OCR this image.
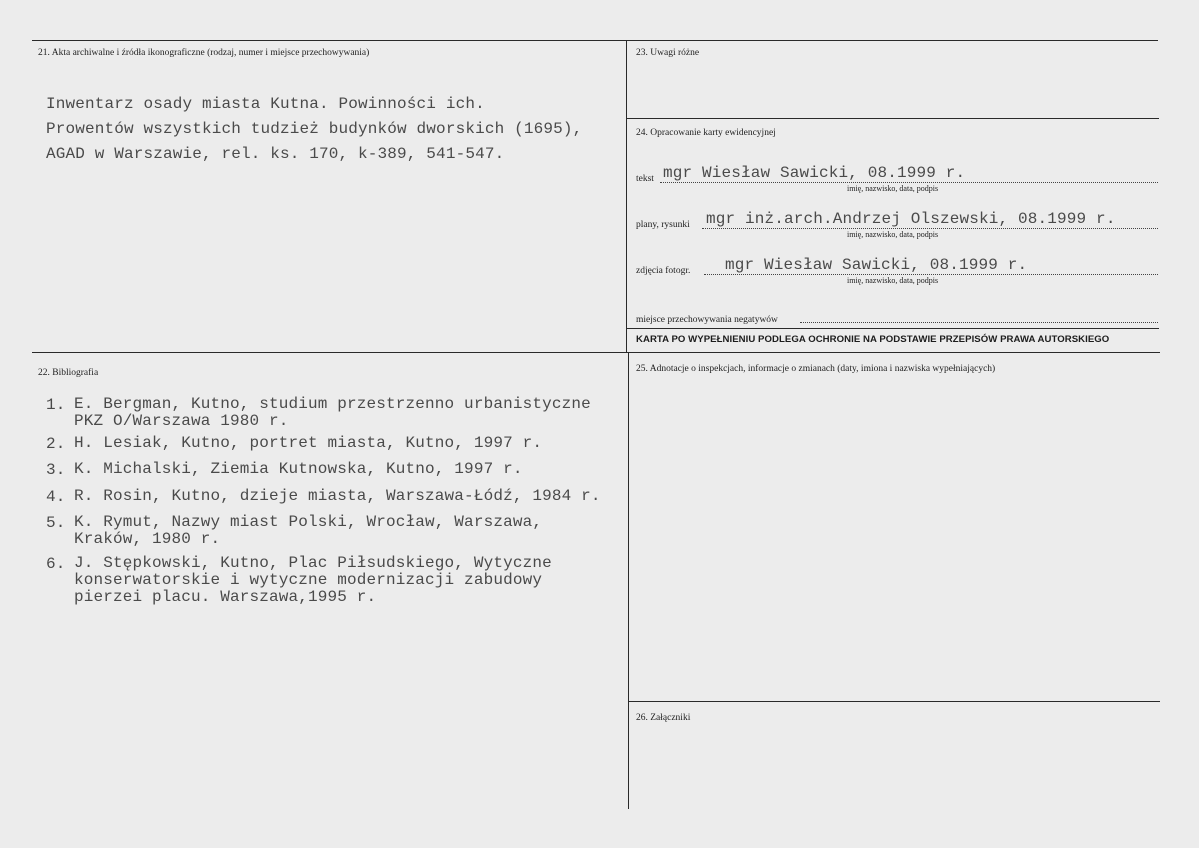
21. Akta archiwalne i źródła ikonograficzne (rodzaj, numer i miejsce przechowywania)
Inwentarz osady miasta Kutna. Powinności ich.
Prowentów wszystkich tudzież budynków dworskich (1695),
AGAD w Warszawie, rel. ks. 170, k-389, 541-547.
23. Uwagi różne
24. Opracowanie karty ewidencyjnej
tekst mgr Wiesław Sawicki, 08.1999 r.
imię, nazwisko, data, podpis
plany, rysunki mgr inż.arch.Andrzej Olszewski, 08.1999 r.
imię, nazwisko, data, podpis
zdjęcia fotogr. mgr Wiesław Sawicki, 08.1999 r.
imię, nazwisko, data, podpis
miejsce przechowywania negatywów
KARTA PO WYPEŁNIENIU PODLEGA OCHRONIE NA PODSTAWIE PRZEPISÓW PRAWA AUTORSKIEGO
22. Bibliografia
1. E. Bergman, Kutno, studium przestrzenno urbanistyczne
PKZ O/Warszawa 1980 r.
2. H. Lesiak, Kutno, portret miasta, Kutno, 1997 r.
3. K. Michalski, Ziemia Kutnowska, Kutno, 1997 r.
4. R. Rosin, Kutno, dzieje miasta, Warszawa-Łódź, 1984 r.
5. K. Rymut, Nazwy miast Polski, Wrocław, Warszawa,
Kraków, 1980 r.
6. J. Stępkowski, Kutno, Plac Piłsudskiego, Wytyczne
konserwatorskie i wytyczne modernizacji zabudowy
pierzei placu. Warszawa,1995 r.
25. Adnotacje o inspekcjach, informacje o zmianach (daty, imiona i nazwiska wypełniających)
26. Załączniki
